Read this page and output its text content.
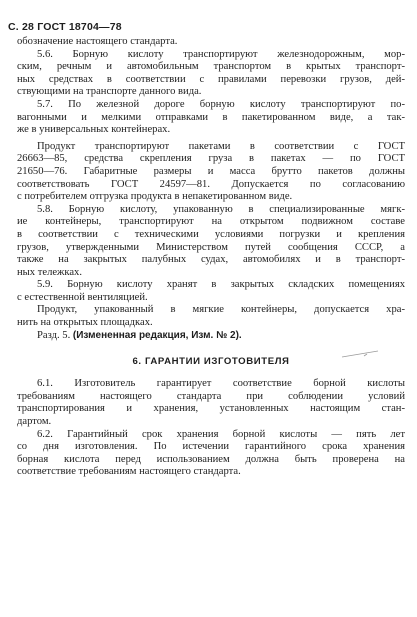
С. 28 ГОСТ 18704—78
обозначение настоящего стандарта.
5.6. Борную кислоту транспортируют железнодорожным, мор-
ским, речным и автомобильным транспортом в крытых транспорт-
ных средствах в соответствии с правилами перевозки грузов, дей-
ствующими на транспорте данного вида.
5.7. По железной дороге борную кислоту транспортируют по-
вагонными и мелкими отправками в пакетированном виде, а так-
же в универсальных контейнерах.
Продукт транспортируют пакетами в соответствии с ГОСТ
26663—85, средства скрепления груза в пакетах — по ГОСТ
21650—76. Габаритные размеры и масса брутто пакетов должны
соответствовать ГОСТ 24597—81. Допускается по согласованию
с потребителем отгрузка продукта в непакетированном виде.
5.8. Борную кислоту, упакованную в специализированные мягк-
ие контейнеры, транспортируют на открытом подвижном составе
в соответствии с техническими условиями погрузки и крепления
грузов, утвержденными Министерством путей сообщения СССР, а
также на закрытых палубных судах, автомобилях и в транспорт-
ных тележках.
5.9. Борную кислоту хранят в закрытых складских помещениях
с естественной вентиляцией.
Продукт, упакованный в мягкие контейнеры, допускается хра-
нить на открытых площадках.
Разд. 5. (Измененная редакция, Изм. № 2).
6. ГАРАНТИИ ИЗГОТОВИТЕЛЯ
6.1. Изготовитель гарантирует соответствие борной кислоты
требованиям настоящего стандарта при соблюдении условий
транспортирования и хранения, установленных настоящим стан-
дартом.
6.2. Гарантийный срок хранения борной кислоты — пять лет
со дня изготовления. По истечении гарантийного срока хранения
борная кислота перед использованием должна быть проверена на
соответствие требованиям настоящего стандарта.
